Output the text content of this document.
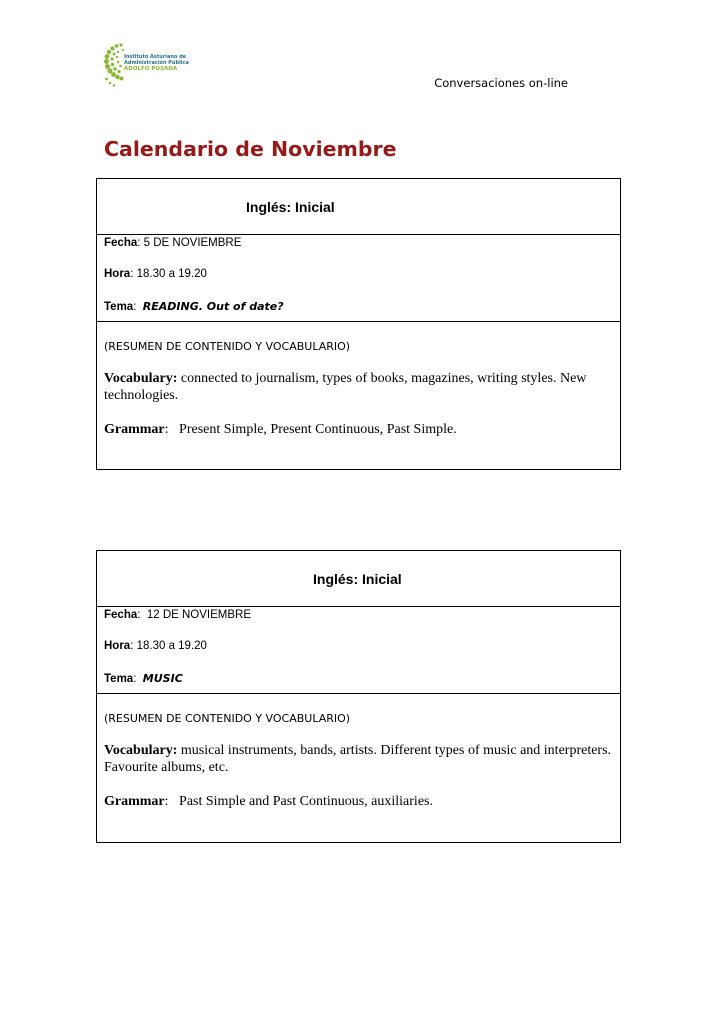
Instituto Asturiano de
Administración Pública
ADOLFO POSADA
Conversaciones on-line
Calendario de Noviembre
Inglés: Inicial
Fecha: 5 DE NOVIEMBRE
Hora: 18.30 a 19.20
Tema:  READING. Out of date?
(RESUMEN DE CONTENIDO Y VOCABULARIO)
Vocabulary: connected to journalism, types of books, magazines, writing styles. New technologies.
Grammar:   Present Simple, Present Continuous, Past Simple.
Inglés: Inicial
Fecha:  12 DE NOVIEMBRE
Hora: 18.30 a 19.20
Tema:  MUSIC
(RESUMEN DE CONTENIDO Y VOCABULARIO)
Vocabulary: musical instruments, bands, artists. Different types of music and interpreters. Favourite albums, etc.
Grammar:   Past Simple and Past Continuous, auxiliaries.
